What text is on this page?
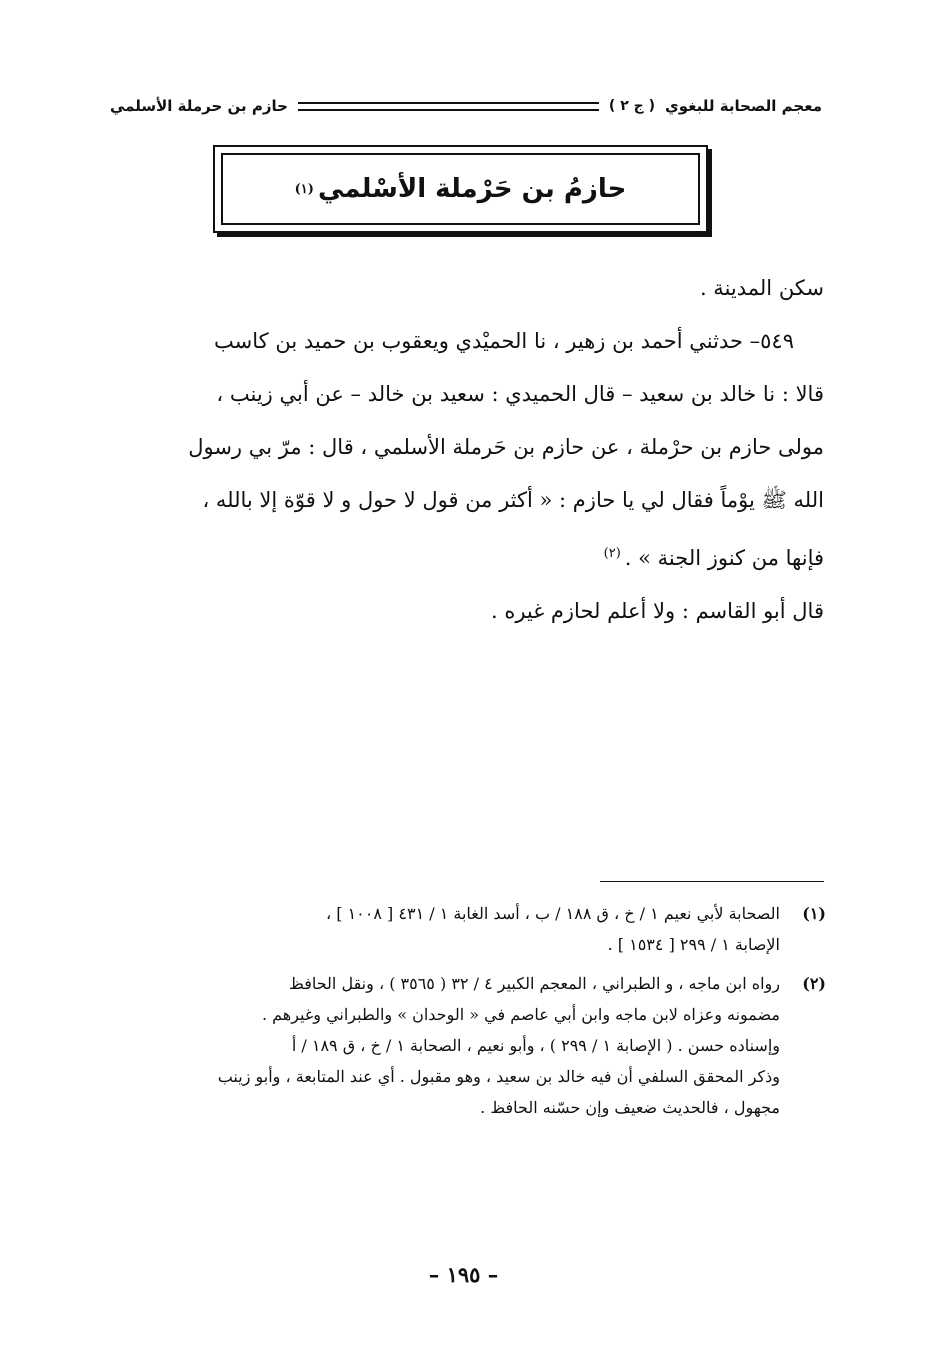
معجم الصحابة للبغوي
( ج ٢ )
حازم بن حرملة الأسلمي
حازمُ بن حَرْملة الأسْلمي
(١)

سكن المدينة .

٥٤٩– حدثني أحمد بن زهير ، نا الحميْدي ويعقوب بن حميد بن كاسب

قالا : نا خالد بن سعيد – قال الحميدي : سعيد بن خالد – عن أبي زينب ،

مولى حازم بن حرْملة ، عن حازم بن حَرملة الأسلمي ، قال : مرّ بي رسول

الله ﷺ يوْماً فقال لي يا حازم : « أكثر من قول لا حول و لا قوّة إلا بالله ،

فإنها من كنوز الجنة » .$^{(٢)}$

قال أبو القاسم : ولا أعلم لحازم غيره .

(١)
الصحابة لأبي نعيم ١ / خ ، ق ١٨٨ / ب ، أسد الغابة ١ / ٤٣١ [ ١٠٠٨ ] ،
الإصابة ١ / ٢٩٩ [ ١٥٣٤ ] .
(٢)
رواه ابن ماجه ، و الطبراني ، المعجم الكبير ٤ / ٣٢ ( ٣٥٦٥ ) ، ونقل الحافظ
مضمونه وعزاه لابن ماجه وابن أبي عاصم في « الوحدان » والطبراني وغيرهم .
وإسناده حسن . ( الإصابة ١ / ٢٩٩ ) ، وأبو نعيم ، الصحابة ١ / خ ، ق ١٨٩ / أ
وذكر المحقق السلفي أن فيه خالد بن سعيد ، وهو مقبول . أي عند المتابعة ، وأبو زينب
مجهول ، فالحديث ضعيف وإن حسّنه الحافظ .
– ١٩٥ –
